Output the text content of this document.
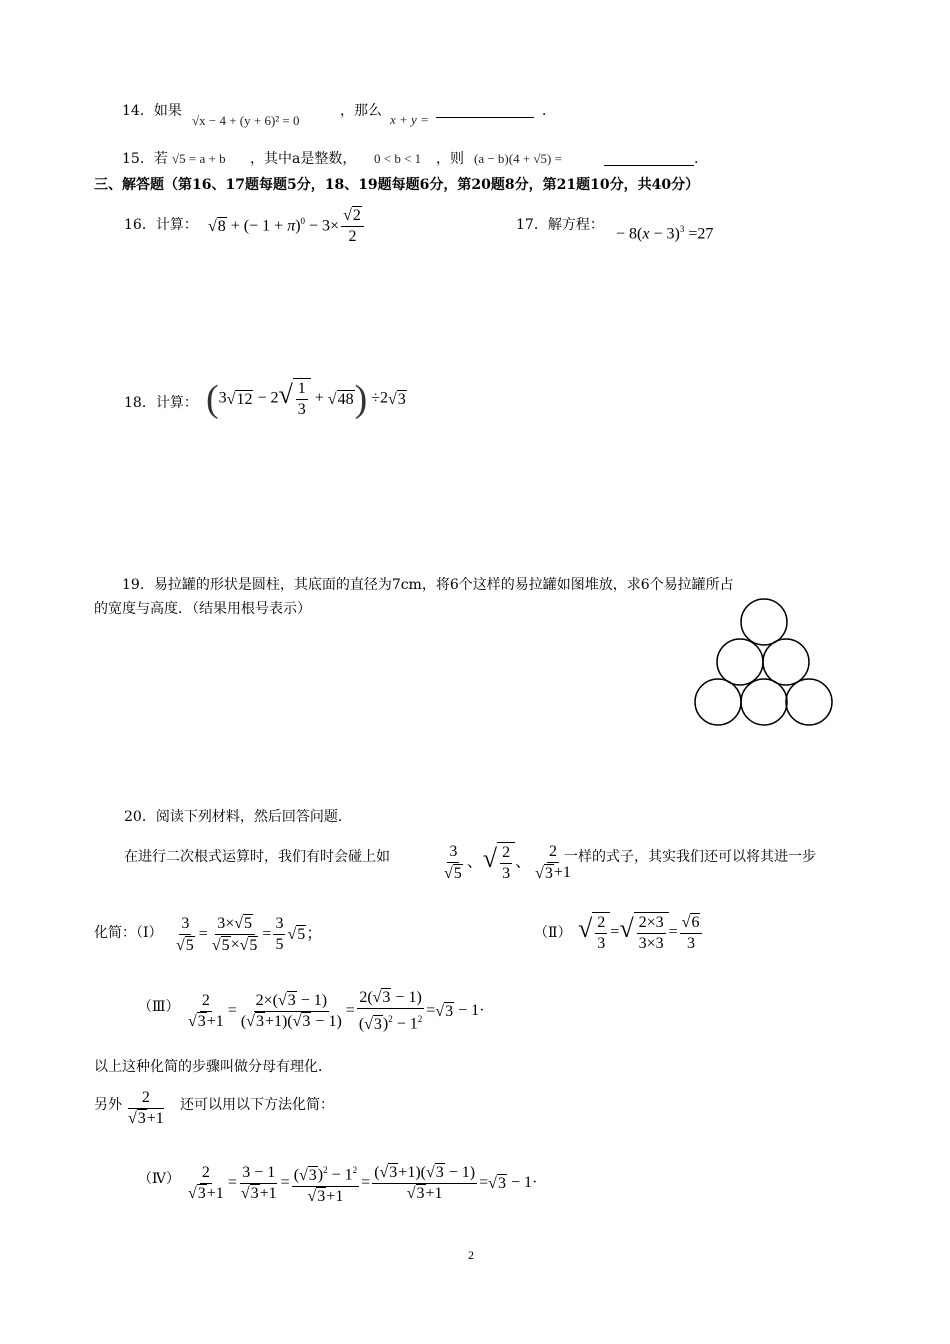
14．如果
√x − 4 + (y + 6)² = 0
，那么
x + y =
．
15．若 √5 = a + b ，其中a是整数， 0 < b < 1 ，则 (a − b)(4 + √5) =	.
三、解答题（第16、17题每题5分，18、19题每题6分，第20题8分，第21题10分，共40分）
16．计算： √8 + (− $1 + \pi)^0 - 3\times \frac{√2}{2}$	17．解方程：
− $8(x - 3)^3 =27$
18．计算： $(3√12 - 2√ \frac{1}{3} + √48) \div 2√3$
19．易拉罐的形状是圆柱，其底面的直径为7cm，将6个这样的易拉罐如图堆放，求6个易拉罐所占
的宽度与高度．（结果用根号表示）
20．阅读下列材料，然后回答问题．
在进行二次根式运算时，我们有时会碰上如	$\frac{3}{√5}$ 、√ $\frac{2}{3}$ 、 $\frac{2}{√3+1}$
一样的式子，其实我们还可以将其进一步
化简：（Ⅰ） $\frac{3}{√5} = \frac{3\times√5}{√5\times√5} = \frac{3}{5} √5$；	（Ⅱ） √ $\frac{2}{3}$ =√ $\frac{2\times 3}{3\times 3} = \frac{√6}{3}$
（Ⅲ） $\frac{2}{√3+1} = \frac{2\times(√3 - 1)}{(√3+1)(√3 - 1)} = \frac{2(√3 - 1)}{(√3)^2 - 1^2} =√3 - 1\cdot$
以上这种化简的步骤叫做分母有理化．
另外 $\frac{2}{√3+1}$ 还可以用以下方法化简：
（Ⅳ） $\frac{2}{√3+1} = \frac{3 - 1}{√3+1} = \frac{(√3)^2 - 1^2}{√3+1} = \frac{(√3+1)(√3 - 1)}{√3+1} =√3 - 1\cdot$
2
